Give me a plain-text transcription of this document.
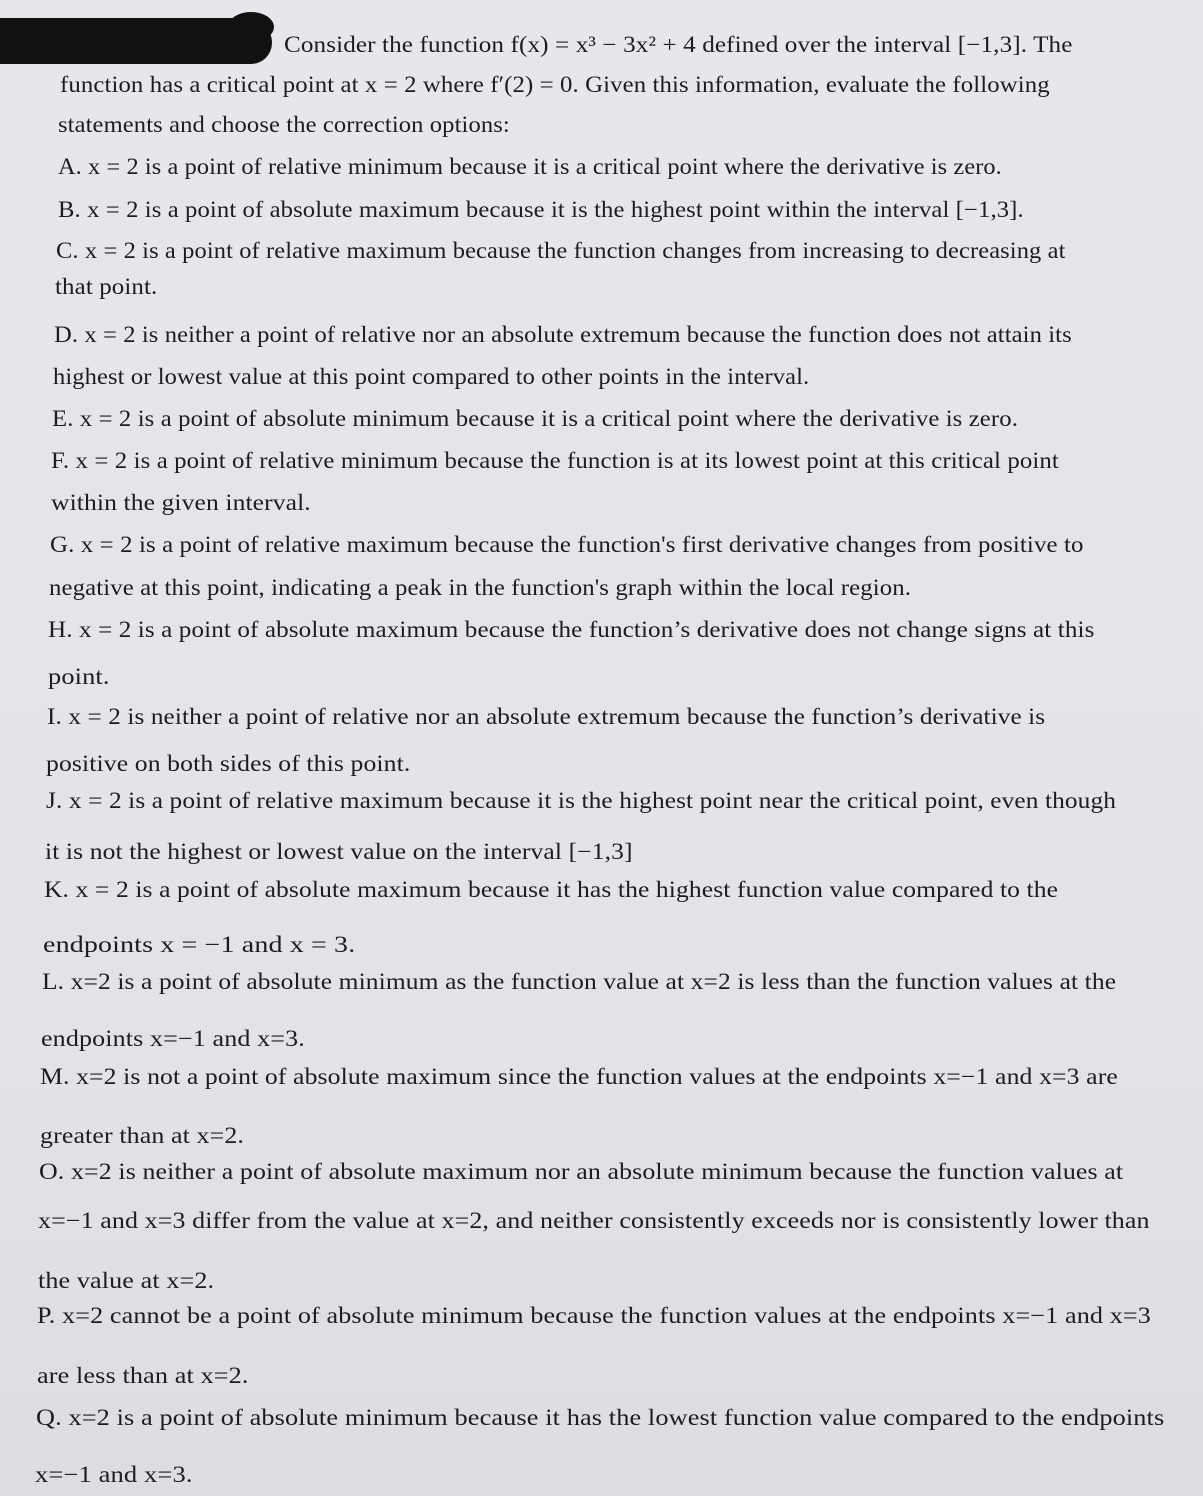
Consider the function f(x) = x³ − 3x² + 4 defined over the interval [−1,3]. The
function has a critical point at x = 2 where f′(2) = 0. Given this information, evaluate the following
statements and choose the correction options:
A. x = 2 is a point of relative minimum because it is a critical point where the derivative is zero.
B. x = 2 is a point of absolute maximum because it is the highest point within the interval [−1,3].
C. x = 2 is a point of relative maximum because the function changes from increasing to decreasing at
that point.
D. x = 2 is neither a point of relative nor an absolute extremum because the function does not attain its
highest or lowest value at this point compared to other points in the interval.
E. x = 2 is a point of absolute minimum because it is a critical point where the derivative is zero.
F. x = 2 is a point of relative minimum because the function is at its lowest point at this critical point
within the given interval.
G. x = 2 is a point of relative maximum because the function's first derivative changes from positive to
negative at this point, indicating a peak in the function's graph within the local region.
H. x = 2 is a point of absolute maximum because the function’s derivative does not change signs at this
point.
I. x = 2 is neither a point of relative nor an absolute extremum because the function’s derivative is
positive on both sides of this point.
J. x = 2 is a point of relative maximum because it is the highest point near the critical point, even though
it is not the highest or lowest value on the interval [−1,3]
K. x = 2 is a point of absolute maximum because it has the highest function value compared to the
endpoints x = −1 and x = 3.
L. x=2 is a point of absolute minimum as the function value at x=2 is less than the function values at the
endpoints x=−1 and x=3.
M. x=2 is not a point of absolute maximum since the function values at the endpoints x=−1 and x=3 are
greater than at x=2.
O. x=2 is neither a point of absolute maximum nor an absolute minimum because the function values at
x=−1 and x=3 differ from the value at x=2, and neither consistently exceeds nor is consistently lower than
the value at x=2.
P. x=2 cannot be a point of absolute minimum because the function values at the endpoints x=−1 and x=3
are less than at x=2.
Q. x=2 is a point of absolute minimum because it has the lowest function value compared to the endpoints
x=−1 and x=3.
